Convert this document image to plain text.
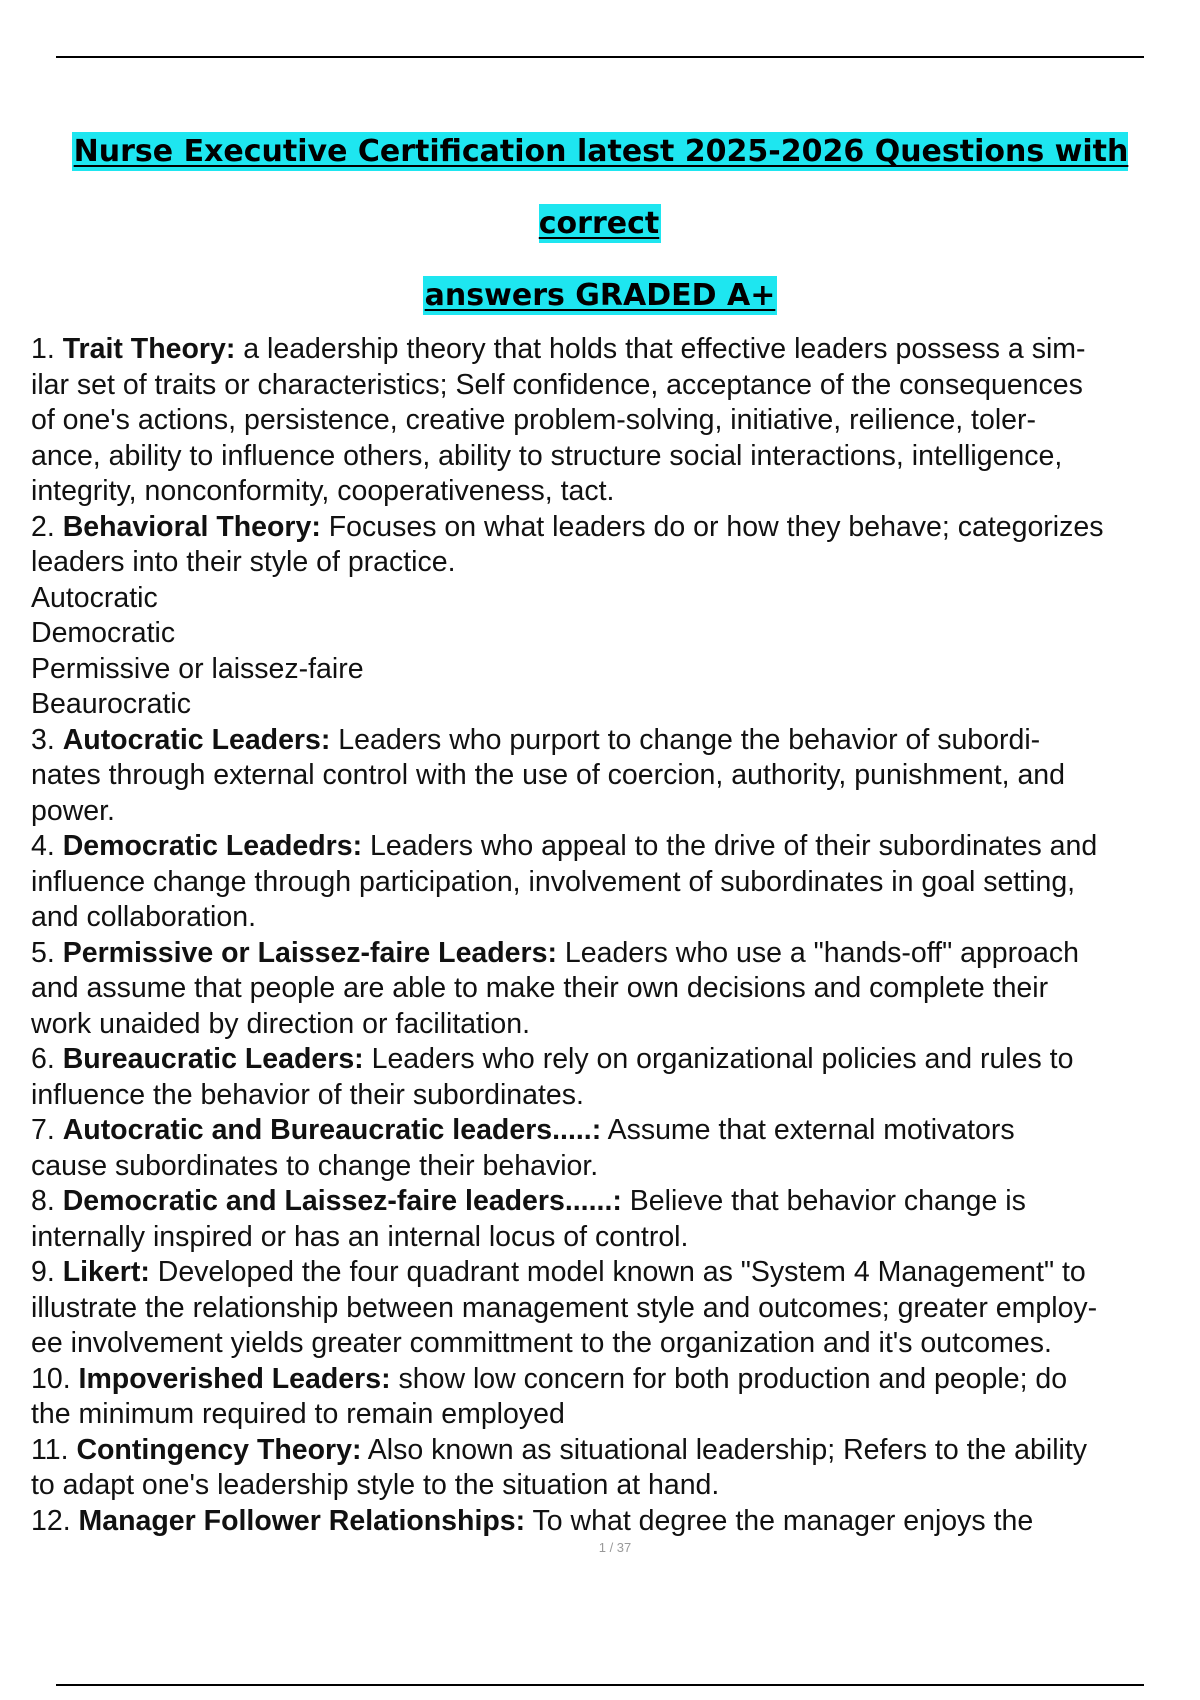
Nurse Executive Certification latest 2025-2026 Questions with correct
answers GRADED A+
1. Trait Theory: a leadership theory that holds that effective leaders possess a sim-
ilar set of traits or characteristics; Self confidence, acceptance of the consequences
of one's actions, persistence, creative problem-solving, initiative, reilience, toler-
ance, ability to influence others, ability to structure social interactions, intelligence,
integrity, nonconformity, cooperativeness, tact.
2. Behavioral Theory: Focuses on what leaders do or how they behave; categorizes
leaders into their style of practice.
Autocratic
Democratic
Permissive or laissez-faire
Beaurocratic
3. Autocratic Leaders: Leaders who purport to change the behavior of subordi-
nates through external control with the use of coercion, authority, punishment, and
power.
4. Democratic Leadedrs: Leaders who appeal to the drive of their subordinates and
influence change through participation, involvement of subordinates in goal setting,
and collaboration.
5. Permissive or Laissez-faire Leaders: Leaders who use a "hands-off" approach
and assume that people are able to make their own decisions and complete their
work unaided by direction or facilitation.
6. Bureaucratic Leaders: Leaders who rely on organizational policies and rules to
influence the behavior of their subordinates.
7. Autocratic and Bureaucratic leaders.....: Assume that external motivators
cause subordinates to change their behavior.
8. Democratic and Laissez-faire leaders......: Believe that behavior change is
internally inspired or has an internal locus of control.
9. Likert: Developed the four quadrant model known as "System 4 Management" to
illustrate the relationship between management style and outcomes; greater employ-
ee involvement yields greater committment to the organization and it's outcomes.
10. Impoverished Leaders: show low concern for both production and people; do
the minimum required to remain employed
11. Contingency Theory: Also known as situational leadership; Refers to the ability
to adapt one's leadership style to the situation at hand.
12. Manager Follower Relationships: To what degree the manager enjoys the
1 / 37
